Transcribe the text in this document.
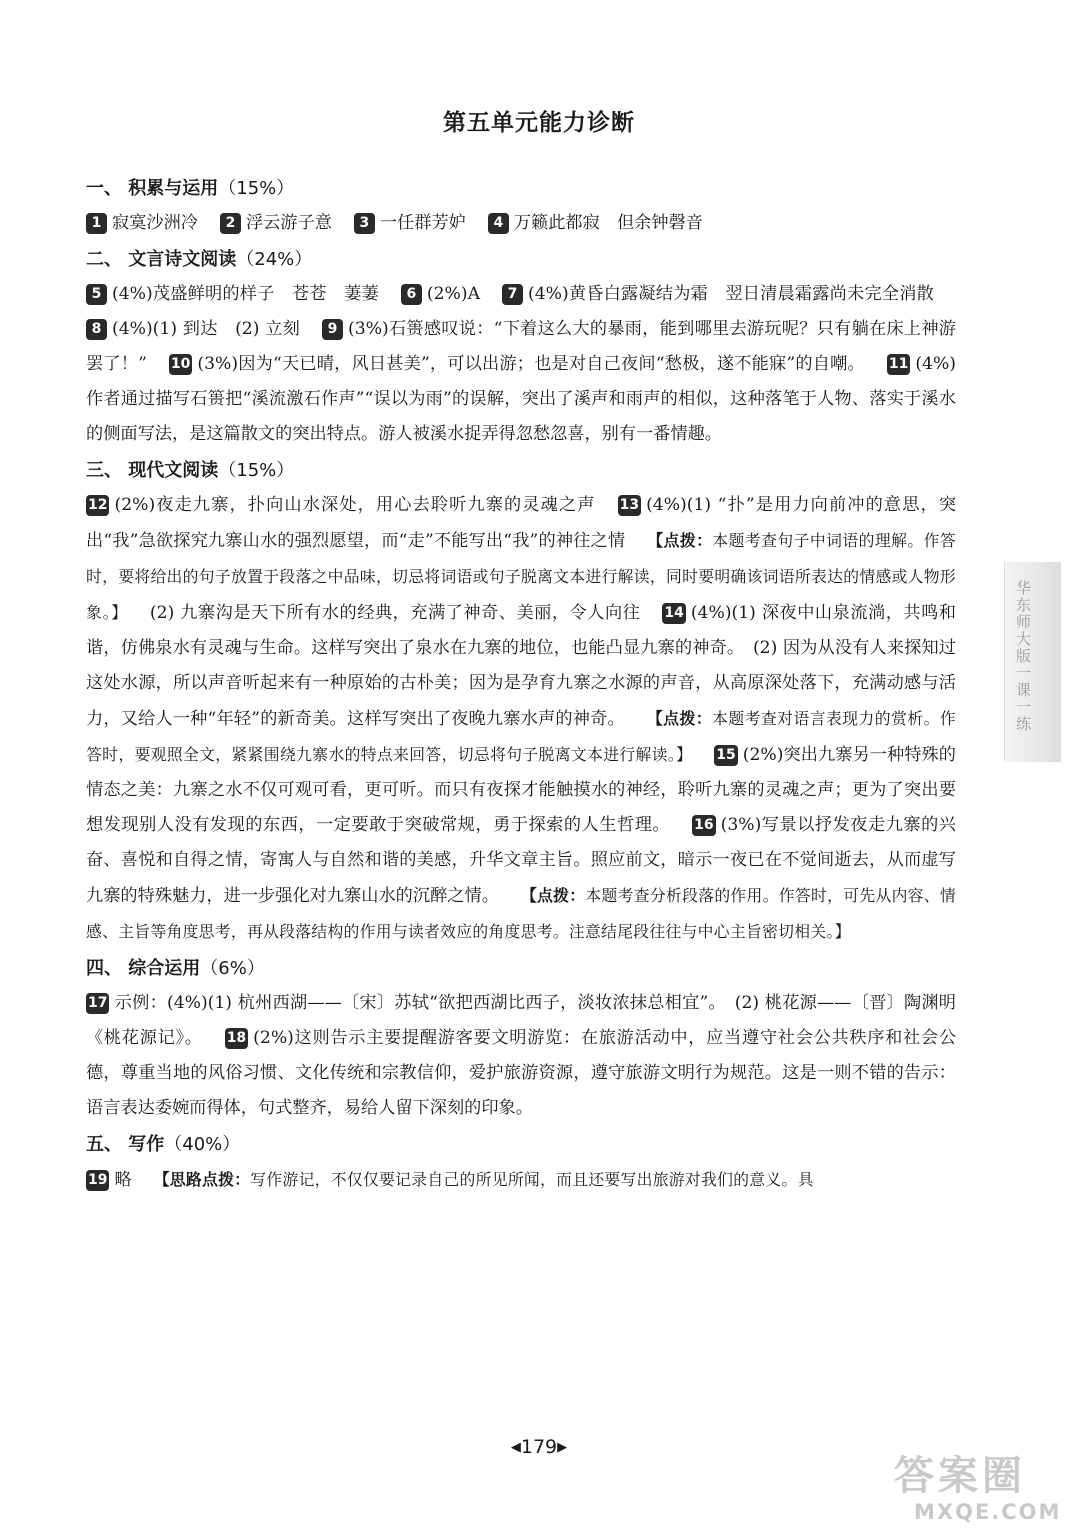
第五单元能力诊断
一、 积累与运用（15%）
1 寂寞沙洲冷 2 浮云游子意 3 一任群芳妒 4 万籁此都寂　但余钟磬音
二、 文言诗文阅读（24%）
5 (4%)茂盛鲜明的样子　苍苍　萋萋 6 (2%)A 7 (4%)黄昏白露凝结为霜　翌日清晨霜露尚未完全消散8 (4%)(1) 到达　(2) 立刻 9 (3%)石篑感叹说：“下着这么大的暴雨，能到哪里去游玩呢？只有躺在床上神游罢了！” 10 (3%)因为“天已晴，风日甚美”，可以出游；也是对自己夜间“愁极，遂不能寐”的自嘲。 11 (4%)作者通过描写石篑把“溪流激石作声”“误以为雨”的误解，突出了溪声和雨声的相似，这种落笔于人物、落实于溪水的侧面写法，是这篇散文的突出特点。游人被溪水捉弄得忽愁忽喜，别有一番情趣。
三、 现代文阅读（15%）
12 (2%)夜走九寨，扑向山水深处，用心去聆听九寨的灵魂之声 13 (4%)(1) “扑”是用力向前冲的意思，突出“我”急欲探究九寨山水的强烈愿望，而“走”不能写出“我”的神往之情 【点拨：本题考查句子中词语的理解。作答时，要将给出的句子放置于段落之中品味，切忌将词语或句子脱离文本进行解读，同时要明确该词语所表达的情感或人物形象。】 (2) 九寨沟是天下所有水的经典，充满了神奇、美丽，令人向往 14 (4%)(1) 深夜中山泉流淌，共鸣和谐，仿佛泉水有灵魂与生命。这样写突出了泉水在九寨的地位，也能凸显九寨的神奇。　(2) 因为从没有人来探知过这处水源，所以声音听起来有一种原始的古朴美；因为是孕育九寨之水源的声音，从高原深处落下，充满动感与活力，又给人一种“年轻”的新奇美。这样写突出了夜晚九寨水声的神奇。 【点拨：本题考查对语言表现力的赏析。作答时，要观照全文，紧紧围绕九寨水的特点来回答，切忌将句子脱离文本进行解读。】 15 (2%)突出九寨另一种特殊的情态之美：九寨之水不仅可观可看，更可听。而只有夜探才能触摸水的神经，聆听九寨的灵魂之声；更为了突出要想发现别人没有发现的东西，一定要敢于突破常规，勇于探索的人生哲理。 16 (3%)写景以抒发夜走九寨的兴奋、喜悦和自得之情，寄寓人与自然和谐的美感，升华文章主旨。照应前文，暗示一夜已在不觉间逝去，从而虚写九寨的特殊魅力，进一步强化对九寨山水的沉醉之情。 【点拨：本题考查分析段落的作用。作答时，可先从内容、情感、主旨等角度思考，再从段落结构的作用与读者效应的角度思考。注意结尾段往往与中心主旨密切相关。】
四、 综合运用（6%）
17 示例：(4%)(1) 杭州西湖——〔宋〕苏轼“欲把西湖比西子，淡妆浓抹总相宜”。　(2) 桃花源——〔晋〕陶渊明《桃花源记》。 18 (2%)这则告示主要提醒游客要文明游览：在旅游活动中，应当遵守社会公共秩序和社会公德，尊重当地的风俗习惯、文化传统和宗教信仰，爱护旅游资源，遵守旅游文明行为规范。这是一则不错的告示：语言表达委婉而得体，句式整齐，易给人留下深刻的印象。
五、 写作（40%）
19 略 【思路点拨：写作游记，不仅仅要记录自己的所见所闻，而且还要写出旅游对我们的意义。具
◀179▶
华东师大版一课一练
答案圈
MXQE.COM
